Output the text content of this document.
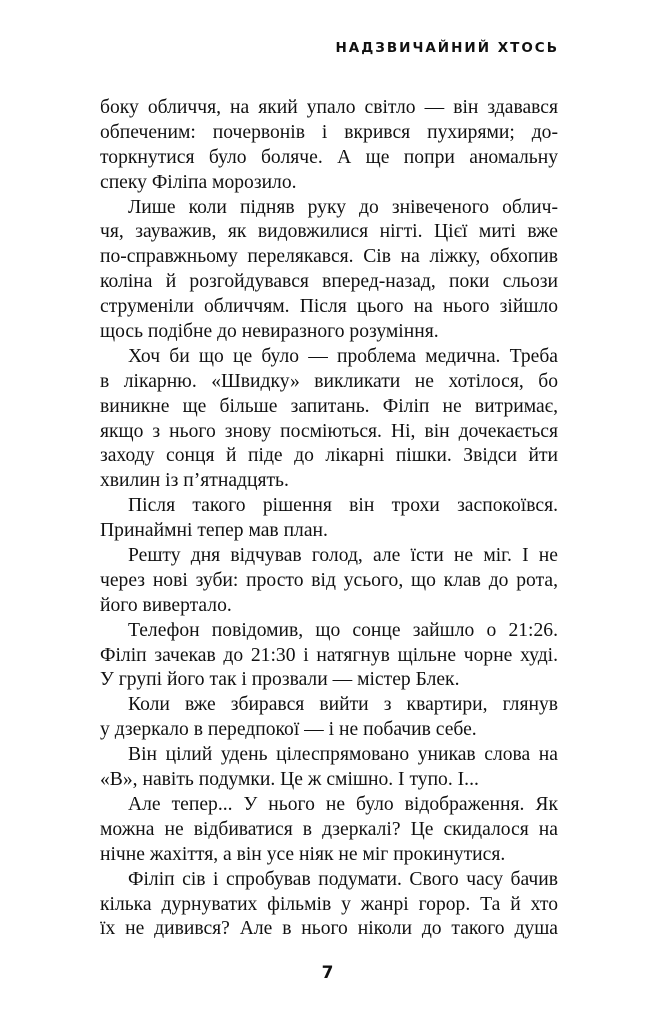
НАДЗВИЧАЙНИЙ ХТОСЬ
боку обличчя, на який упало світло — він здавався
обпеченим: почервонів і вкрився пухирями; до-
торкнутися було боляче. А ще попри аномальну
спеку Філіпа морозило.
Лише коли підняв руку до знівеченого облич-
чя, зауважив, як видовжилися нігті. Цієї миті вже
по-справжньому перелякався. Сів на ліжку, обхопив
коліна й розгойдувався вперед-назад, поки сльози
струменіли обличчям. Після цього на нього зійшло
щось подібне до невиразного розуміння.
Хоч би що це було — проблема медична. Треба
в лікарню. «Швидку» викликати не хотілося, бо
виникне ще більше запитань. Філіп не витримає,
якщо з нього знову посміються. Ні, він дочекається
заходу сонця й піде до лікарні пішки. Звідси йти
хвилин із п’ятнадцять.
Після такого рішення він трохи заспокоївся.
Принаймні тепер мав план.
Решту дня відчував голод, але їсти не міг. І не
через нові зуби: просто від усього, що клав до рота,
його вивертало.
Телефон повідомив, що сонце зайшло о 21:26.
Філіп зачекав до 21:30 і натягнув щільне чорне худі.
У групі його так і прозвали — містер Блек.
Коли вже збирався вийти з квартири, глянув
у дзеркало в передпокої — і не побачив себе.
Він цілий удень цілеспрямовано уникав слова на
«В», навіть подумки. Це ж смішно. І тупо. І...
Але тепер... У нього не було відображення. Як
можна не відбиватися в дзеркалі? Це скидалося на
нічне жахіття, а він усе ніяк не міг прокинутися.
Філіп сів і спробував подумати. Свого часу бачив
кілька дурнуватих фільмів у жанрі горор. Та й хто
їх не дивився? Але в нього ніколи до такого душа
7
